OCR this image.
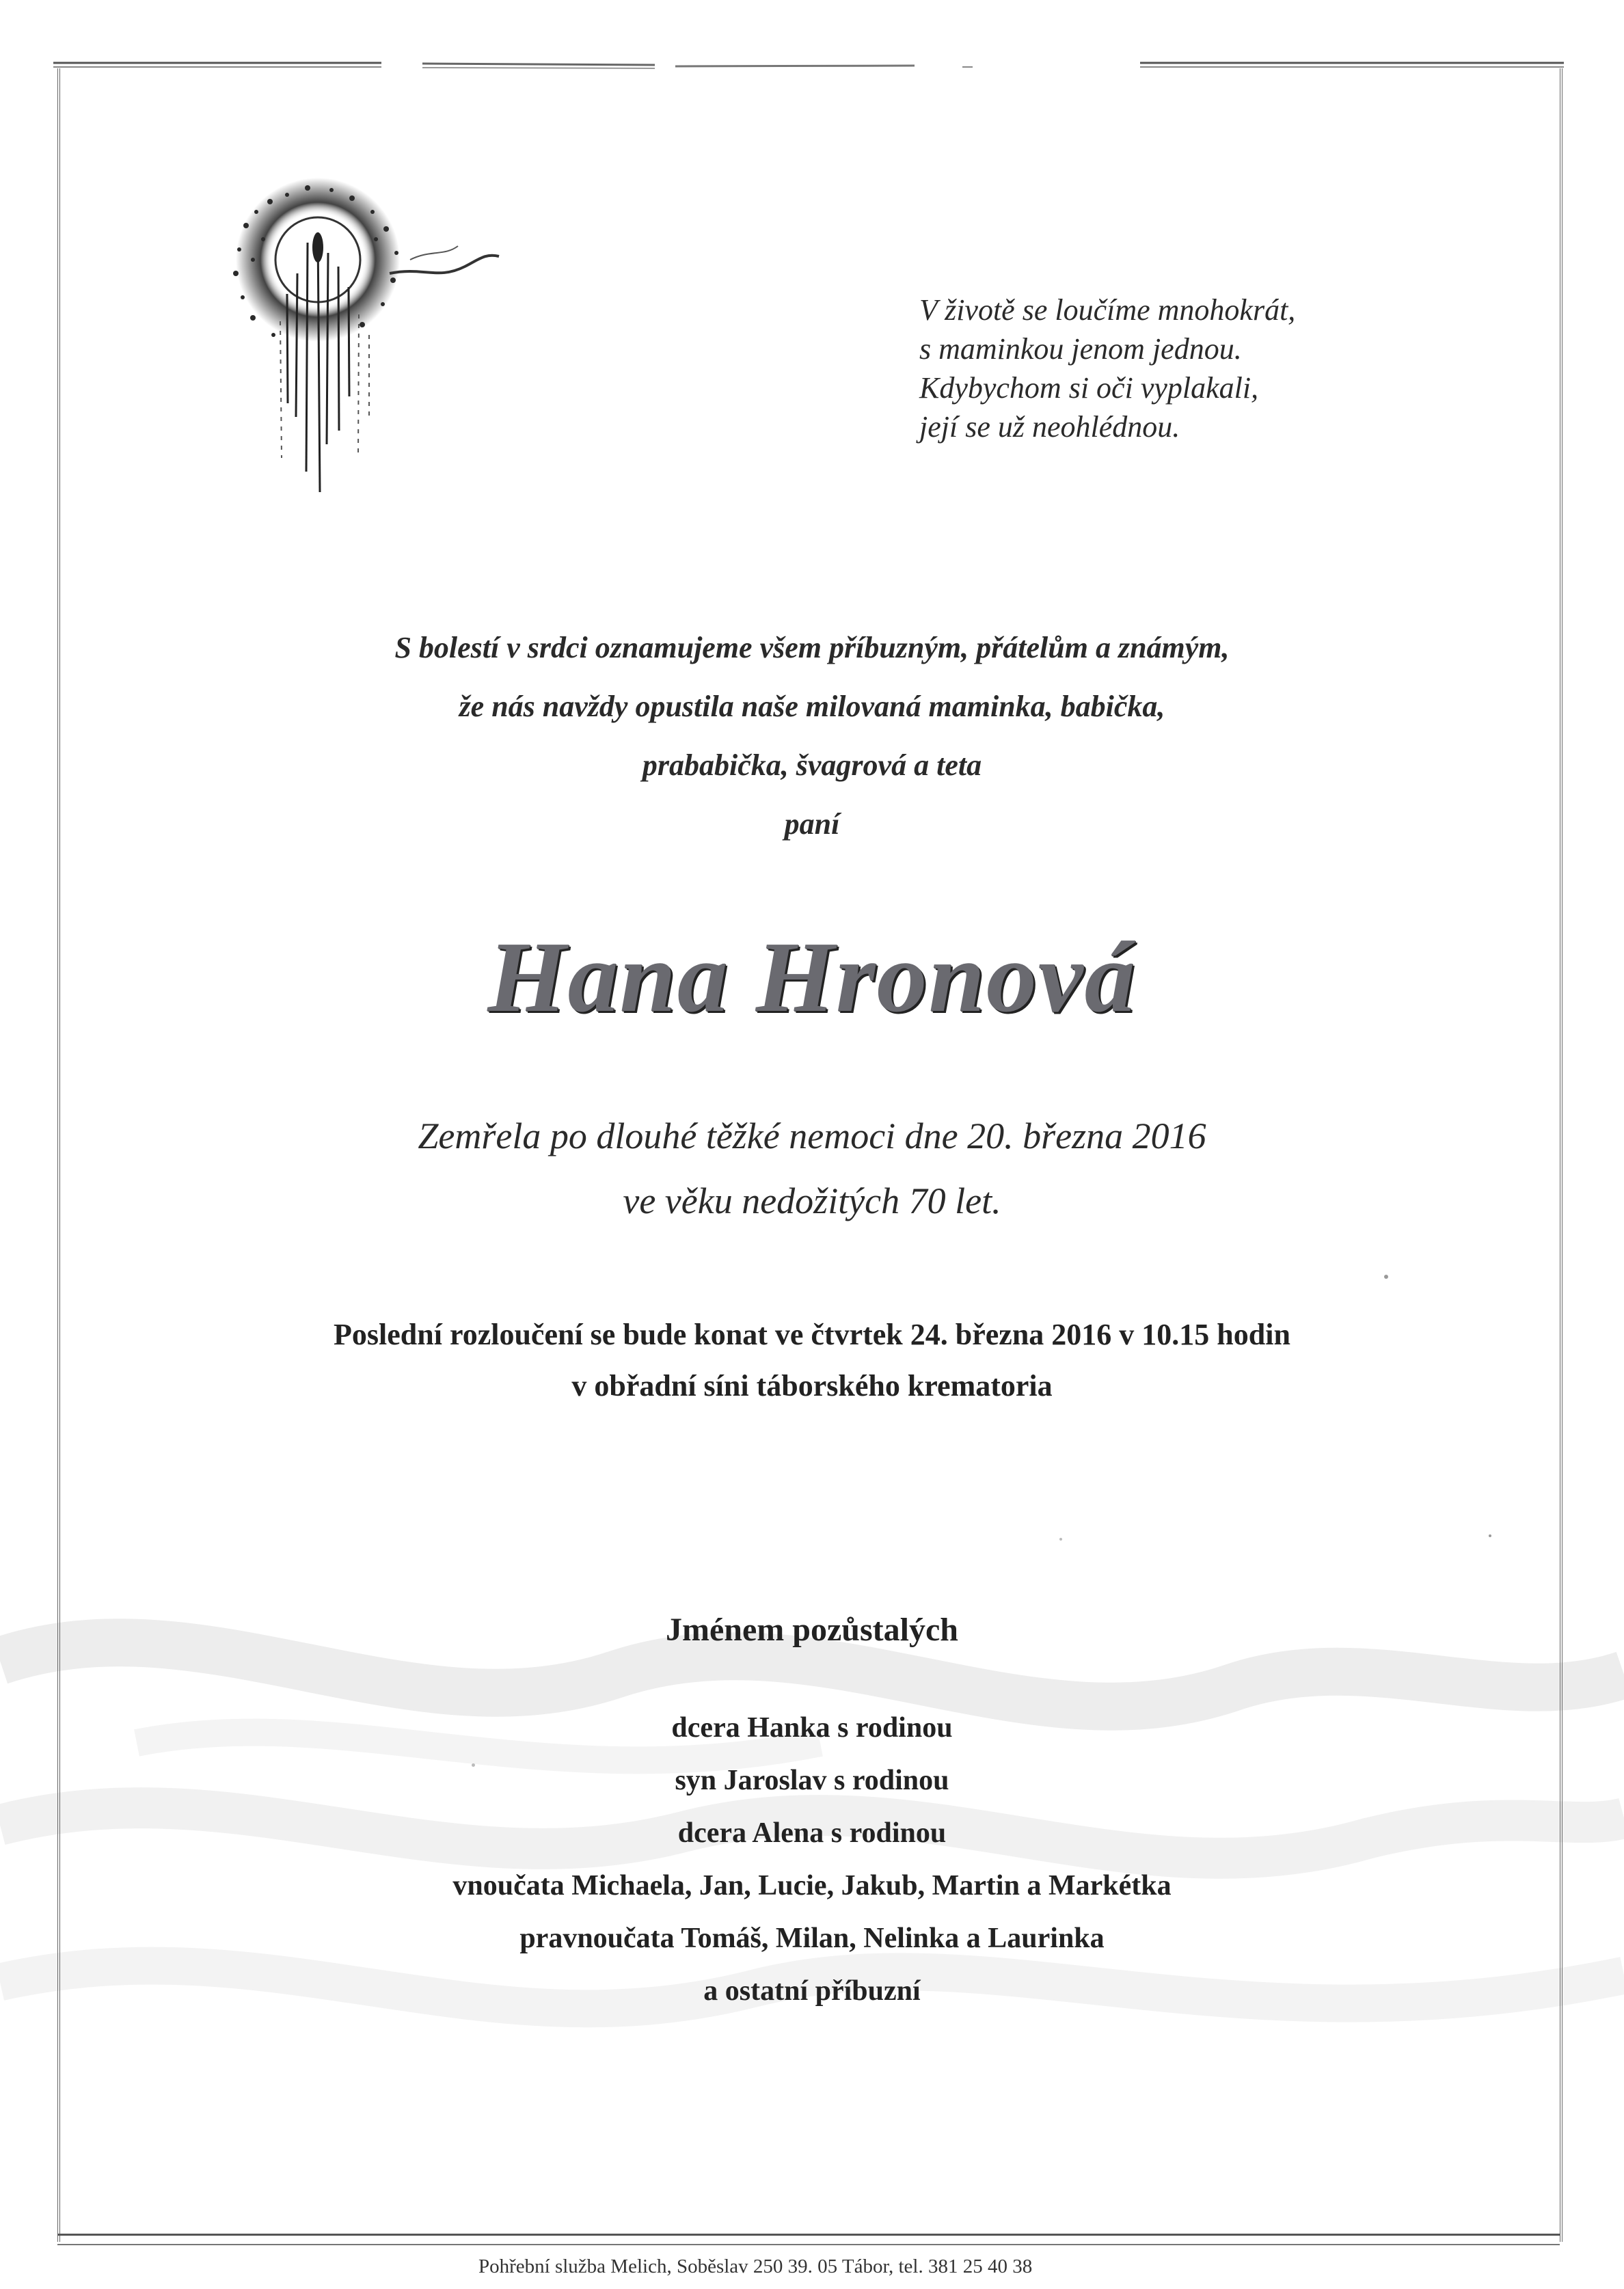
V životě se loučíme mnohokrát,
s maminkou jenom jednou.
Kdybychom si oči vyplakali,
její se už neohlédnou.
S bolestí v srdci oznamujeme všem příbuzným, přátelům a známým,
že nás navždy opustila naše milovaná maminka, babička,
prababička, švagrová a teta
paní
Hana Hronová
Zemřela po dlouhé těžké nemoci dne 20. března 2016
ve věku nedožitých 70 let.
Poslední rozloučení se bude konat ve čtvrtek 24. března 2016 v 10.15 hodin
v obřadní síni táborského krematoria
Jménem pozůstalých
dcera Hanka s rodinou
syn Jaroslav s rodinou
dcera Alena s rodinou
vnoučata Michaela, Jan, Lucie, Jakub, Martin a Markétka
pravnoučata Tomáš, Milan, Nelinka a Laurinka
a ostatní příbuzní
Pohřební služba Melich, Soběslav 250 39. 05 Tábor, tel. 381 25 40 38
